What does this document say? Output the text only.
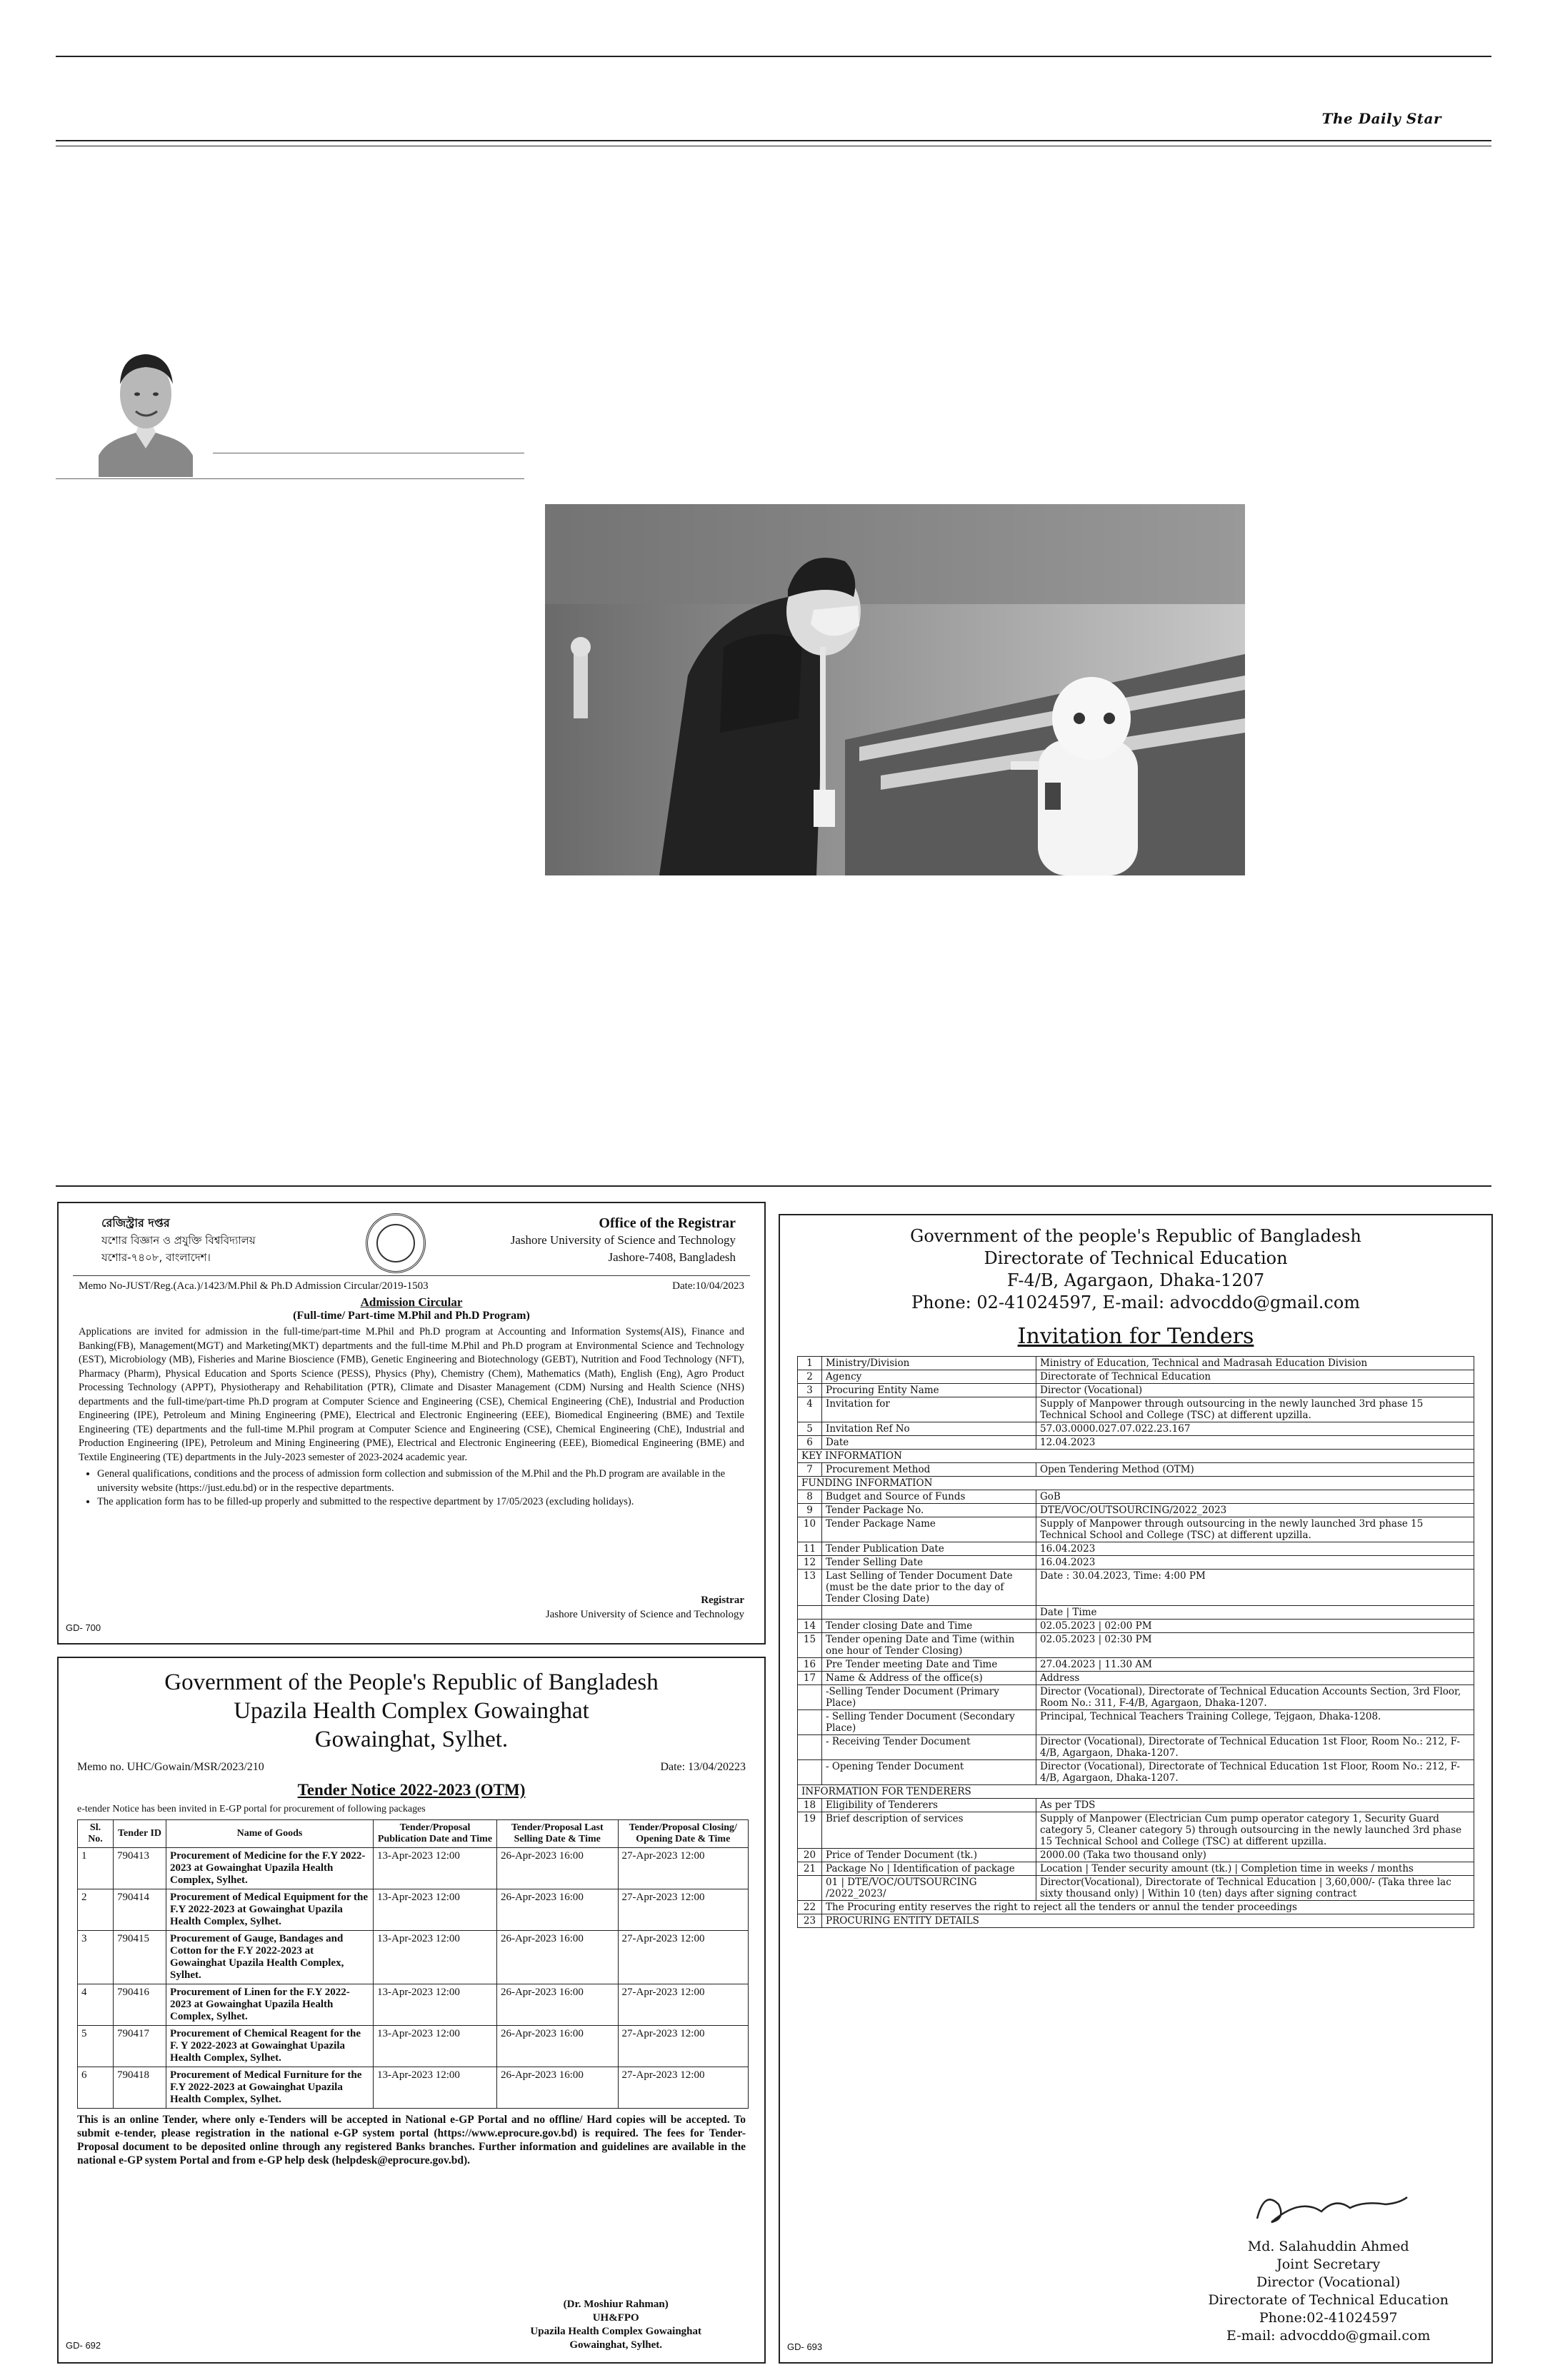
The Daily Star
রেজিস্ট্রার দপ্তর
যশোর বিজ্ঞান ও প্রযুক্তি বিশ্ববিদ্যালয়
যশোর-৭৪০৮, বাংলাদেশ।
Office of the Registrar
Jashore University of Science and Technology
Jashore-7408, Bangladesh
Memo No-JUST/Reg.(Aca.)/1423/M.Phil & Ph.D Admission Circular/2019-1503	Date:10/04/2023
Admission Circular
(Full-time/ Part-time M.Phil and Ph.D Program)

Applications are invited for admission in the full-time/part-time M.Phil and Ph.D program at Accounting and Information Systems(AIS), Finance and Banking(FB), Management(MGT) and Marketing(MKT) departments and the full-time M.Phil and Ph.D program at Environmental Science and Technology (EST), Microbiology (MB), Fisheries and Marine Bioscience (FMB), Genetic Engineering and Biotechnology (GEBT), Nutrition and Food Technology (NFT), Pharmacy (Pharm), Physical Education and Sports Science (PESS), Physics (Phy), Chemistry (Chem), Mathematics (Math), English (Eng), Agro Product Processing Technology (APPT), Physiotherapy and Rehabilitation (PTR), Climate and Disaster Management (CDM) Nursing and Health Science (NHS) departments and the full-time/part-time Ph.D program at Computer Science and Engineering (CSE), Chemical Engineering (ChE), Industrial and Production Engineering (IPE), Petroleum and Mining Engineering (PME), Electrical and Electronic Engineering (EEE), Biomedical Engineering (BME) and Textile Engineering (TE) departments and the full-time M.Phil program at Computer Science and Engineering (CSE), Chemical Engineering (ChE), Industrial and Production Engineering (IPE), Petroleum and Mining Engineering (PME), Electrical and Electronic Engineering (EEE), Biomedical Engineering (BME) and Textile Engineering (TE) departments in the July-2023 semester of 2023-2024 academic year.

• General qualifications, conditions and the process of admission form collection and submission of the M.Phil and the Ph.D program are available in the university website (https://just.edu.bd) or in the respective departments.
• The application form has to be filled-up properly and submitted to the respective department by 17/05/2023 (excluding holidays).
Registrar
Jashore University of Science and Technology
GD- 700
Government of the People's Republic of Bangladesh
Upazila Health Complex Gowainghat
Gowainghat, Sylhet.
Memo no. UHC/Gowain/MSR/2023/210	Date: 13/04/20223
Tender Notice 2022-2023 (OTM)
e-tender Notice has been invited in E-GP portal for procurement of following packages
Sl. No.	Tender ID	Name of Goods	Tender/Proposal Publication Date and Time	Tender/Proposal Last Selling Date & Time	Tender/Proposal Closing/ Opening Date & Time
1	790413	Procurement of Medicine for the F.Y 2022-2023 at Gowainghat Upazila Health Complex, Sylhet.	13-Apr-2023 12:00	26-Apr-2023 16:00	27-Apr-2023 12:00
2	790414	Procurement of Medical Equipment for the F.Y 2022-2023 at Gowainghat Upazila Health Complex, Sylhet.	13-Apr-2023 12:00	26-Apr-2023 16:00	27-Apr-2023 12:00
3	790415	Procurement of Gauge, Bandages and Cotton for the F.Y 2022-2023 at Gowainghat Upazila Health Complex, Sylhet.	13-Apr-2023 12:00	26-Apr-2023 16:00	27-Apr-2023 12:00
4	790416	Procurement of Linen for the F.Y 2022-2023 at Gowainghat Upazila Health Complex, Sylhet.	13-Apr-2023 12:00	26-Apr-2023 16:00	27-Apr-2023 12:00
5	790417	Procurement of Chemical Reagent for the F. Y 2022-2023 at Gowainghat Upazila Health Complex, Sylhet.	13-Apr-2023 12:00	26-Apr-2023 16:00	27-Apr-2023 12:00
6	790418	Procurement of Medical Furniture for the F.Y 2022-2023 at Gowainghat Upazila Health Complex, Sylhet.	13-Apr-2023 12:00	26-Apr-2023 16:00	27-Apr-2023 12:00

This is an online Tender, where only e-Tenders will be accepted in National e-GP Portal and no offline/ Hard copies will be accepted. To submit e-tender, please registration in the national e-GP system portal (https://www.eprocure.gov.bd) is required. The fees for Tender-Proposal document to be deposited online through any registered Banks branches. Further information and guidelines are available in the national e-GP system Portal and from e-GP help desk (helpdesk@eprocure.gov.bd).

(Dr. Moshiur Rahman)
UH&FPO
Upazila Health Complex Gowainghat
Gowainghat, Sylhet.
GD- 692
Government of the people's Republic of Bangladesh
Directorate of Technical Education
F-4/B, Agargaon, Dhaka-1207
Phone: 02-41024597, E-mail: advocddo@gmail.com
Invitation for Tenders
1	Ministry/Division	Ministry of Education, Technical and Madrasah Education Division
2	Agency	Directorate of Technical Education
3	Procuring Entity Name	Director (Vocational)
4	Invitation for	Supply of Manpower through outsourcing in the newly launched 3rd phase 15 Technical School and College (TSC) at different upzilla.
5	Invitation Ref No	57.03.0000.027.07.022.23.167
6	Date	12.04.2023
KEY INFORMATION		
7	Procurement Method	Open Tendering Method (OTM)
FUNDING INFORMATION		
8	Budget and Source of Funds	GoB
9	Tender Package No.	DTE/VOC/OUTSOURCING/2022_2023
10	Tender Package Name	Supply of Manpower through outsourcing in the newly launched 3rd phase 15 Technical School and College (TSC) at different upzilla.
11	Tender Publication Date	16.04.2023
12	Tender Selling Date	16.04.2023
13	Last Selling of Tender Document Date (must be the date prior to the day of Tender Closing Date)	Date : 30.04.2023, Time: 4:00 PM
		Date | Time
14	Tender closing Date and Time	02.05.2023 | 02:00 PM
15	Tender opening Date and Time (within one hour of Tender Closing)	02.05.2023 | 02:30 PM
16	Pre Tender meeting Date and Time	27.04.2023 | 11.30 AM
17	Name & Address of the office(s)	Address
	-Selling Tender Document (Primary Place)	Director (Vocational), Directorate of Technical Education Accounts Section, 3rd Floor, Room No.: 311, F-4/B, Agargaon, Dhaka-1207.
	- Selling Tender Document (Secondary Place)	Principal, Technical Teachers Training College, Tejgaon, Dhaka-1208.
	- Receiving Tender Document	Director (Vocational), Directorate of Technical Education 1st Floor, Room No.: 212, F-4/B, Agargaon, Dhaka-1207.
	- Opening Tender Document	Director (Vocational), Directorate of Technical Education 1st Floor, Room No.: 212, F-4/B, Agargaon, Dhaka-1207.
INFORMATION FOR TENDERERS		
18	Eligibility of Tenderers	As per TDS
19	Brief description of services	Supply of Manpower (Electrician Cum pump operator category 1, Security Guard category 5, Cleaner category 5) through outsourcing in the newly launched 3rd phase 15 Technical School and College (TSC) at different upzilla.
20	Price of Tender Document (tk.)	2000.00 (Taka two thousand only)
21	Package No | Identification of package	Location | Tender security amount (tk.) | Completion time in weeks / months
	01 | DTE/VOC/OUTSOURCING /2022_2023/	Director(Vocational), Directorate of Technical Education | 3,60,000/- (Taka three lac sixty thousand only) | Within 10 (ten) days after signing contract
22	The Procuring entity reserves the right to reject all the tenders or annul the tender proceedings	
23	PROCURING ENTITY DETAILS	
Md. Salahuddin Ahmed
Joint Secretary
Director (Vocational)
Directorate of Technical Education
Phone:02-41024597
E-mail: advocddo@gmail.com
GD- 693
